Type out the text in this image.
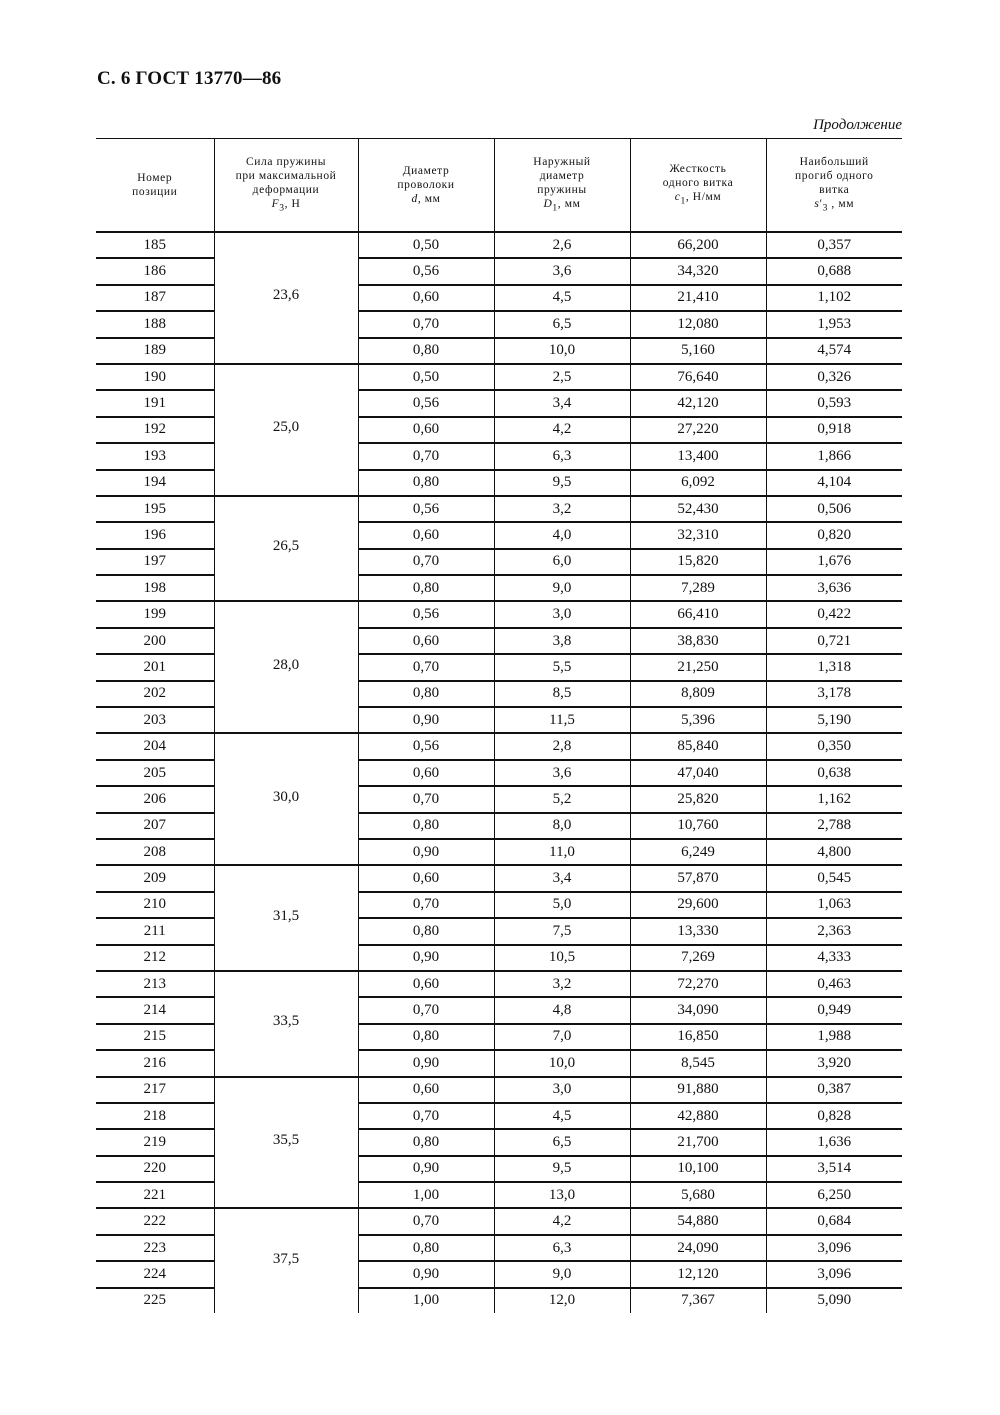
С. 6 ГОСТ 13770—86
Продолжение
Номер
позиции	Сила пружины
при максимальной
деформации
$F_3$, Н	Диаметр
проволоки
d, мм	Наружный
диаметр
пружины
$D_1$, мм	Жесткость
одного витка
$c_1$, Н/мм	Наибольший
прогиб одного
витка
$s'_3$ , мм
185	23,6	0,50	2,6	66,200	0,357
186		0,56	3,6	34,320	0,688
187		0,60	4,5	21,410	1,102
188		0,70	6,5	12,080	1,953
189		0,80	10,0	5,160	4,574
190	25,0	0,50	2,5	76,640	0,326
191		0,56	3,4	42,120	0,593
192		0,60	4,2	27,220	0,918
193		0,70	6,3	13,400	1,866
194		0,80	9,5	6,092	4,104
195	26,5	0,56	3,2	52,430	0,506
196		0,60	4,0	32,310	0,820
197		0,70	6,0	15,820	1,676
198		0,80	9,0	7,289	3,636
199	28,0	0,56	3,0	66,410	0,422
200		0,60	3,8	38,830	0,721
201		0,70	5,5	21,250	1,318
202		0,80	8,5	8,809	3,178
203		0,90	11,5	5,396	5,190
204	30,0	0,56	2,8	85,840	0,350
205		0,60	3,6	47,040	0,638
206		0,70	5,2	25,820	1,162
207		0,80	8,0	10,760	2,788
208		0,90	11,0	6,249	4,800
209	31,5	0,60	3,4	57,870	0,545
210		0,70	5,0	29,600	1,063
211		0,80	7,5	13,330	2,363
212		0,90	10,5	7,269	4,333
213	33,5	0,60	3,2	72,270	0,463
214		0,70	4,8	34,090	0,949
215		0,80	7,0	16,850	1,988
216		0,90	10,0	8,545	3,920
217	35,5	0,60	3,0	91,880	0,387
218		0,70	4,5	42,880	0,828
219		0,80	6,5	21,700	1,636
220		0,90	9,5	10,100	3,514
221		1,00	13,0	5,680	6,250
222	37,5	0,70	4,2	54,880	0,684
223		0,80	6,3	24,090	3,096
224		0,90	9,0	12,120	3,096
225		1,00	12,0	7,367	5,090
